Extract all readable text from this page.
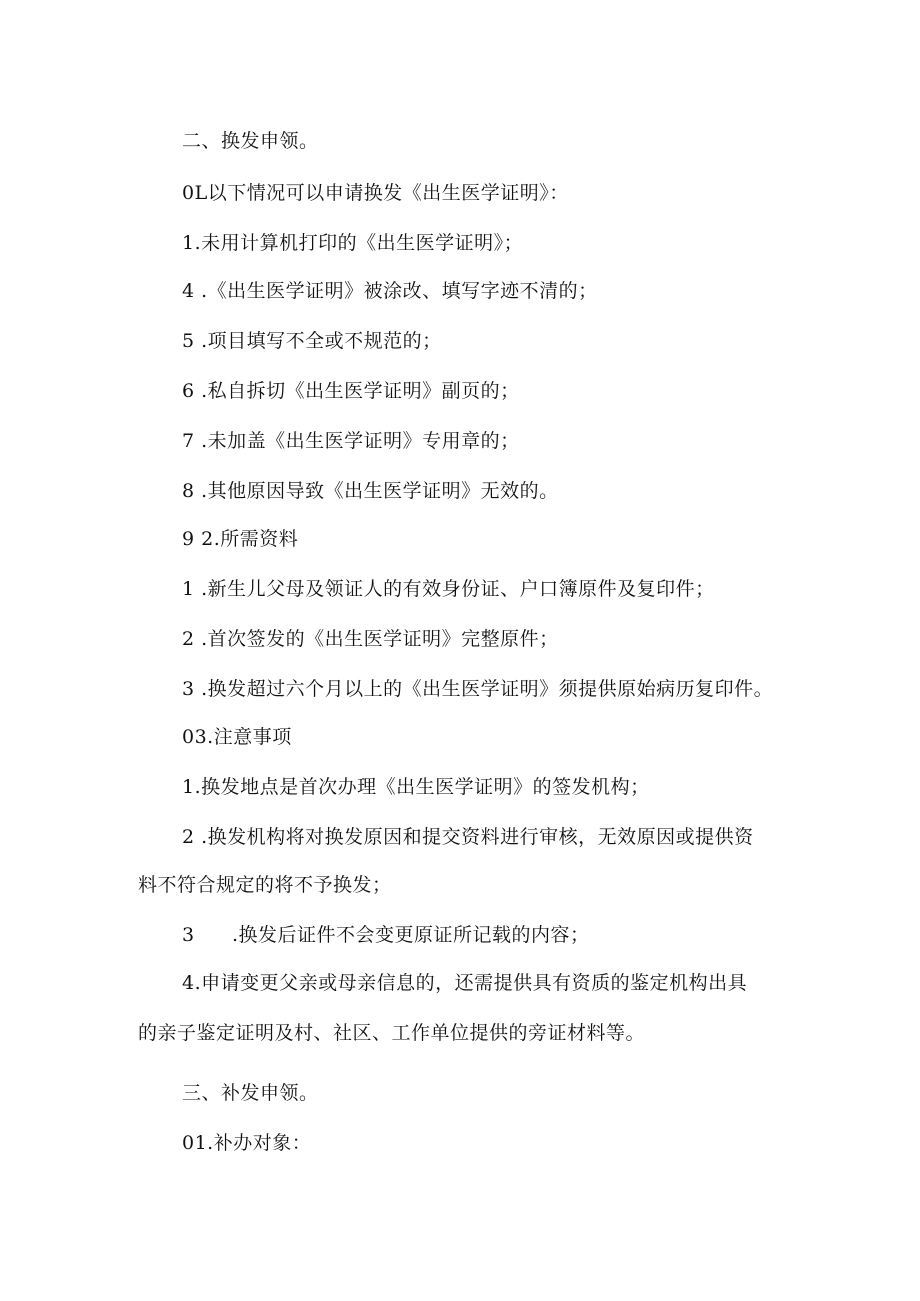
二、换发申领。
0L以下情况可以申请换发《出生医学证明》：
1.未用计算机打印的《出生医学证明》；
4 .《出生医学证明》被涂改、填写字迹不清的；
5 .项目填写不全或不规范的；
6 .私自拆切《出生医学证明》副页的；
7 .未加盖《出生医学证明》专用章的；
8 .其他原因导致《出生医学证明》无效的。
9 2.所需资料
1 .新生儿父母及领证人的有效身份证、户口簿原件及复印件；
2 .首次签发的《出生医学证明》完整原件；
3 .换发超过六个月以上的《出生医学证明》须提供原始病历复印件。
03.注意事项
1.换发地点是首次办理《出生医学证明》的签发机构；
2 .换发机构将对换发原因和提交资料进行审核，无效原因或提供资
料不符合规定的将不予换发；
3 .换发后证件不会变更原证所记载的内容；
4.申请变更父亲或母亲信息的，还需提供具有资质的鉴定机构出具
的亲子鉴定证明及村、社区、工作单位提供的旁证材料等。
三、补发申领。
01.补办对象：
